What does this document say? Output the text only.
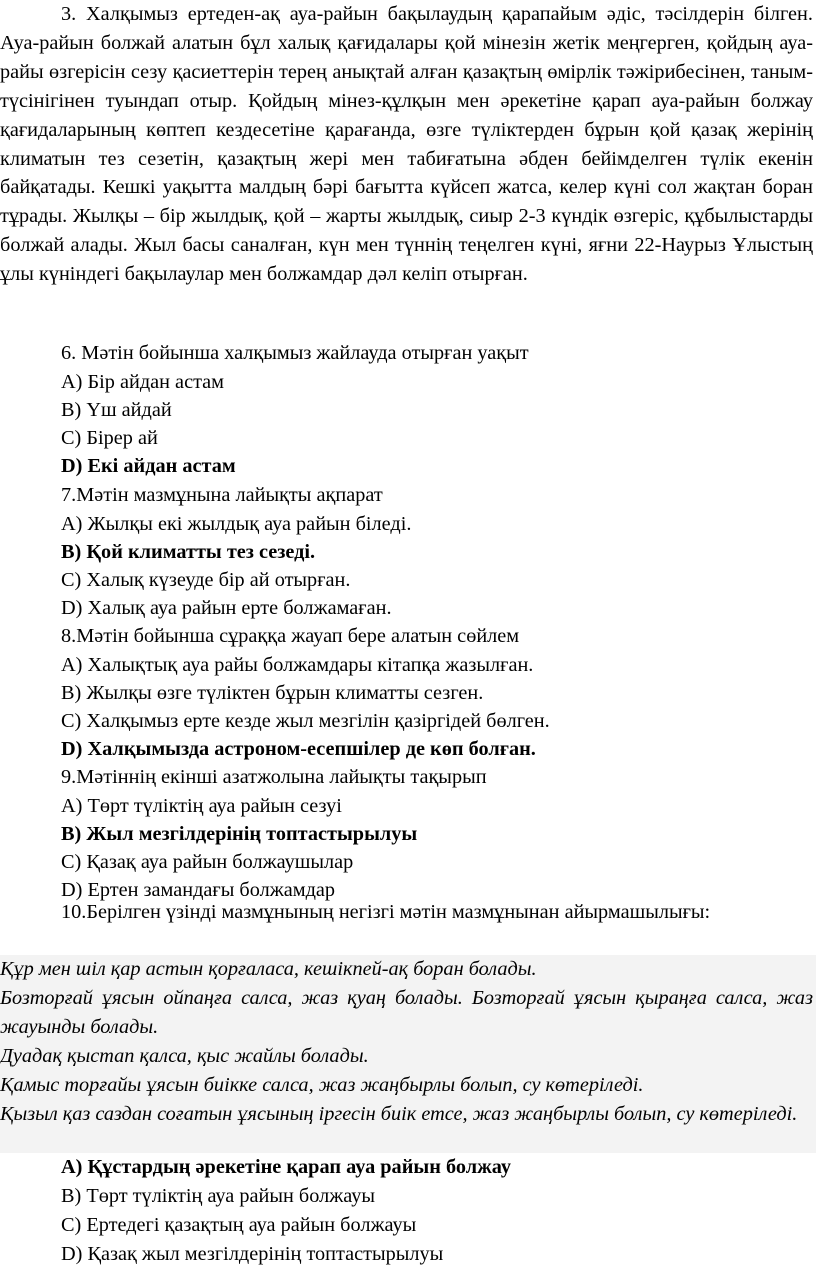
3. Халқымыз ертеден-ақ ауа-райын бақылаудың қарапайым әдіс, тәсілдерін білген. Ауа-райын болжай алатын бұл халық қағидалары қой мінезін жетік меңгерген, қойдың ауа-райы өзгерісін сезу қасиеттерін терең анықтай алған қазақтың өмірлік тәжірибесінен, таным-түсінігінен туындап отыр. Қойдың мінез-құлқын мен әрекетіне қарап ауа-райын болжау қағидаларының көптеп кездесетіне қарағанда, өзге түліктерден бұрын қой қазақ жерінің климатын тез сезетін, қазақтың жері мен табиғатына әбден бейімделген түлік екенін байқатады. Кешкі уақытта малдың бәрі бағытта күйсеп жатса, келер күні сол жақтан боран тұрады. Жылқы – бір жылдық, қой – жарты жылдық, сиыр 2-3 күндік өзгеріс, құбылыстарды болжай алады. Жыл басы саналған, күн мен түннің теңелген күні, яғни 22-Наурыз Ұлыстың ұлы күніндегі бақылаулар мен болжамдар дәл келіп отырған.

6. Мәтін бойынша халқымыз жайлауда отырған уақыт
A) Бір айдан астам
B) Үш айдай
C) Бірер ай
D) Екі айдан астам
7.Мәтін мазмұнына лайықты ақпарат
A) Жылқы екі жылдық ауа райын біледі.
B) Қой климатты тез сезеді.
C) Халық күзеуде бір ай отырған.
D) Халық ауа райын ерте болжамаған.
8.Мәтін бойынша сұраққа жауап бере алатын сөйлем
A) Халықтық ауа райы болжамдары кітапқа жазылған.
B) Жылқы өзге түліктен бұрын климатты сезген.
C) Халқымыз ерте кезде жыл мезгілін қазіргідей бөлген.
D) Халқымызда астроном-есепшілер де көп болған.
9.Мәтіннің екінші азатжолына лайықты тақырып
A) Төрт түліктің ауа райын сезуі
B) Жыл мезгілдерінің топтастырылуы
C) Қазақ ауа райын болжаушылар
D) Ертен замандағы болжамдар

10.Берілген үзінді мазмұнының негізгі мәтін мазмұнынан айырмашылығы:

Құр мен шіл қар астын қорғаласа, кешікпей-ақ боран болады.

Бозторғай ұясын ойпаңға салса, жаз қуаң болады. Бозторғай ұясын қыраңға салса, жаз жауынды болады.

Дуадақ қыстап қалса, қыс жайлы болады.

Қамыс торғайы ұясын биікке салса, жаз жаңбырлы болып, су көтеріледі.

Қызыл қаз саздан соғатын ұясының іргесін биік етсе, жаз жаңбырлы болып, су көтеріледі.

A) Құстардың әрекетіне қарап ауа райын болжау
B) Төрт түліктің ауа райын болжауы
C) Ертедегі қазақтың ауа райын болжауы
D) Қазақ жыл мезгілдерінің топтастырылуы
